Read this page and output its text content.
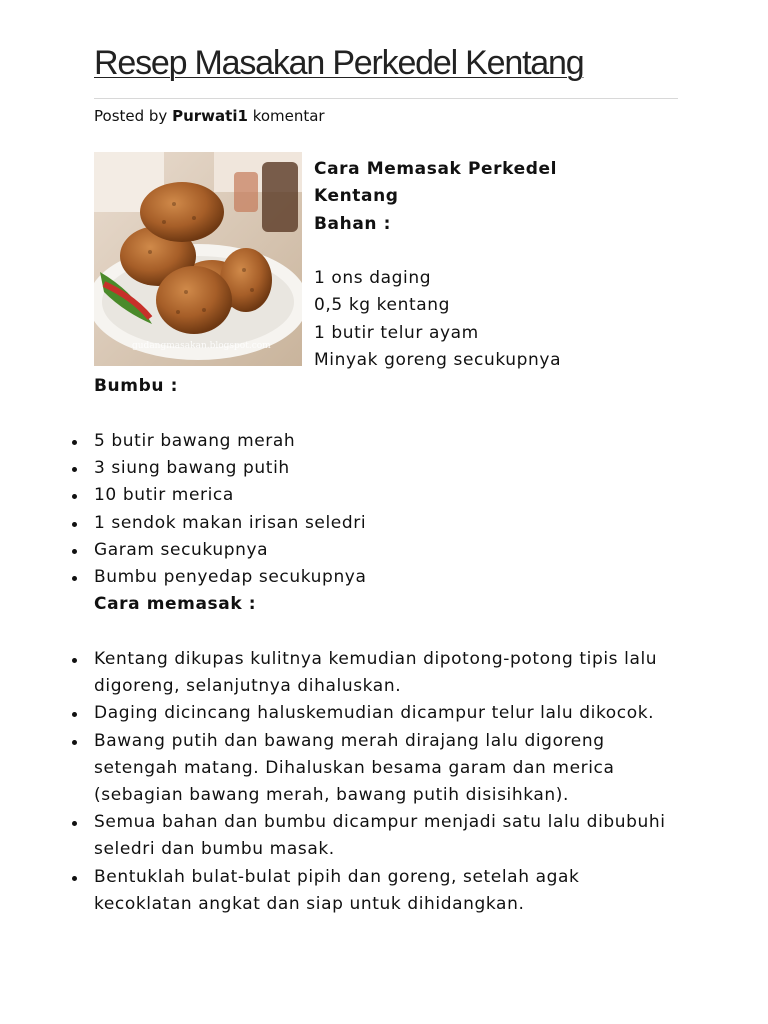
Resep Masakan Perkedel Kentang
Posted by Purwati1 komentar
gudangmasakan.blogspot.com
Cara Memasak Perkedel
Kentang
Bahan :
1 ons daging
0,5 kg kentang
1 butir telur ayam
Minyak goreng secukupnya
Bumbu :
5 butir bawang merah
3 siung bawang putih
10 butir merica
1 sendok makan irisan seledri
Garam secukupnya
Bumbu penyedap secukupnya
Cara memasak :
Kentang dikupas kulitnya kemudian dipotong-potong tipis lalu digoreng, selanjutnya dihaluskan.
Daging dicincang haluskemudian dicampur telur lalu dikocok.
Bawang putih dan bawang merah dirajang lalu digoreng setengah matang. Dihaluskan besama garam dan merica (sebagian bawang merah, bawang putih disisihkan).
Semua bahan dan bumbu dicampur menjadi satu lalu dibubuhi seledri dan bumbu masak.
Bentuklah bulat-bulat pipih dan goreng, setelah agak kecoklatan angkat dan siap untuk dihidangkan.
